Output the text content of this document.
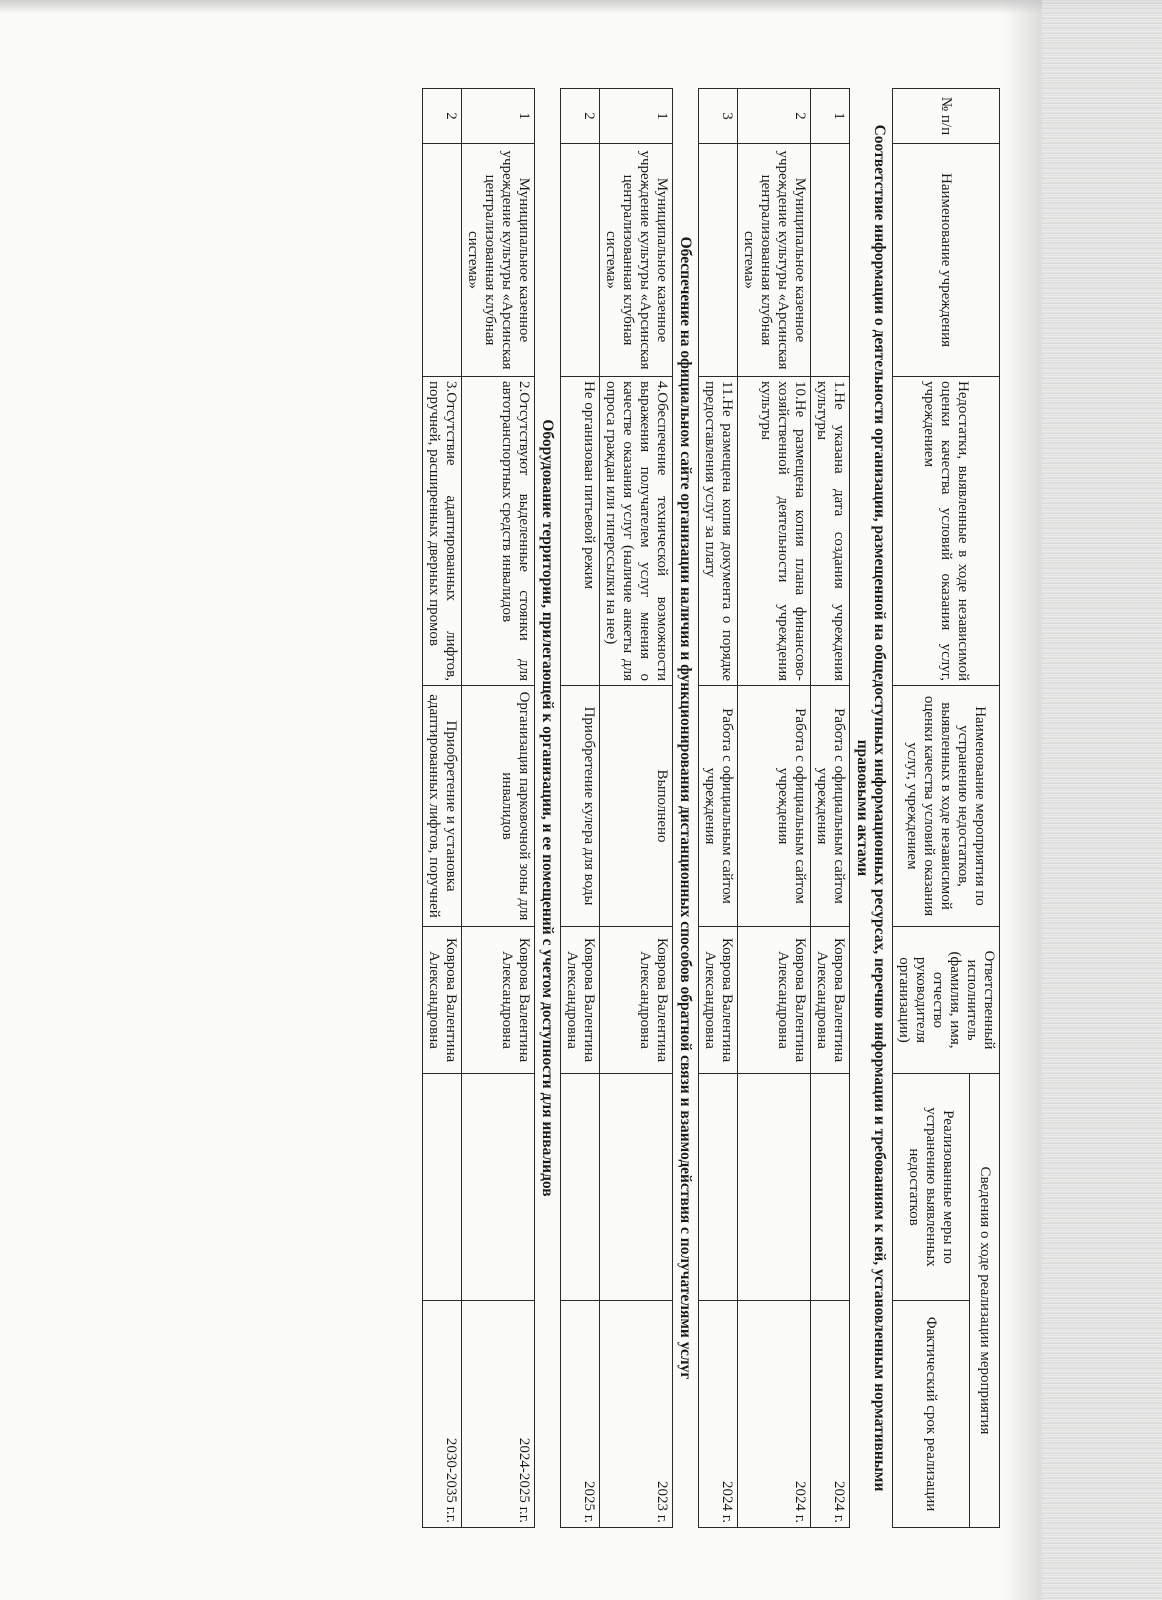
№ п/п	Наименование учреждения	Недостатки, выявленные в ходе независимой оценки качества условий оказания услуг, учреждением	Наименование мероприятия по устранению недостатков, выявленных в ходе независимой оценки качества условий оказания услуг, учреждением	Ответственный исполнитель (фамилия, имя, отчество руководителя организации)	Сведения о ходе реализации мероприятия	
					Реализованные меры по устранению выявленных недостатков	Фактический срок реализации
Соответствие информации о деятельности организации, размещенной на общедоступных информационных ресурсах, перечню информации и требованиям к ней, установленным нормативными правовыми актами						
1		1.Не указана дата создания учреждения культуры	Работа с официальным сайтом учреждения	Коврова Валентина Александровна		2024 г.
2	Муниципальное казенное учреждение культуры «Арсинская централизованная клубная система»	10.Не размещена копия плана финансово-хозяйственной деятельности учреждения культуры	Работа с официальным сайтом учреждения	Коврова Валентина Александровна		2024 г.
3		11.Не размещена копия документа о порядке предоставления услуг за плату	Работа с официальным сайтом учреждения	Коврова Валентина Александровна		2024 г.
Обеспечение на официальном сайте организации наличия и функционирования дистанционных способов обратной связи и взаимодействия с получателями услуг						
1	Муниципальное казенное учреждение культуры «Арсинская централизованная клубная система»	4.Обеспечение технической возможности выражения получателем услуг мнения о качестве оказания услуг (наличие анкеты для опроса граждан или гиперссылки на нее)	Выполнено	Коврова Валентина Александровна		2023 г.
2		Не организован питьевой режим	Приобретение кулера для воды	Коврова Валентина Александровна		2025 г.
Оборудование территории, прилегающей к организации, и ее помещений с учетом доступности для инвалидов						
1	Муниципальное казенное учреждение культуры «Арсинская централизованная клубная система»	2.Отсутствуют выделенные стоянки для автотранспортных средств инвалидов	Организация парковочной зоны для инвалидов	Коврова Валентина Александровна		2024-2025 г.г.
2		3.Отсутствие адаптированных лифтов, поручней, расширенных дверных промов	Приобретение и установка адаптированных лифтов, поручней	Коврова Валентина Александровна		2030-2035 г.г.
